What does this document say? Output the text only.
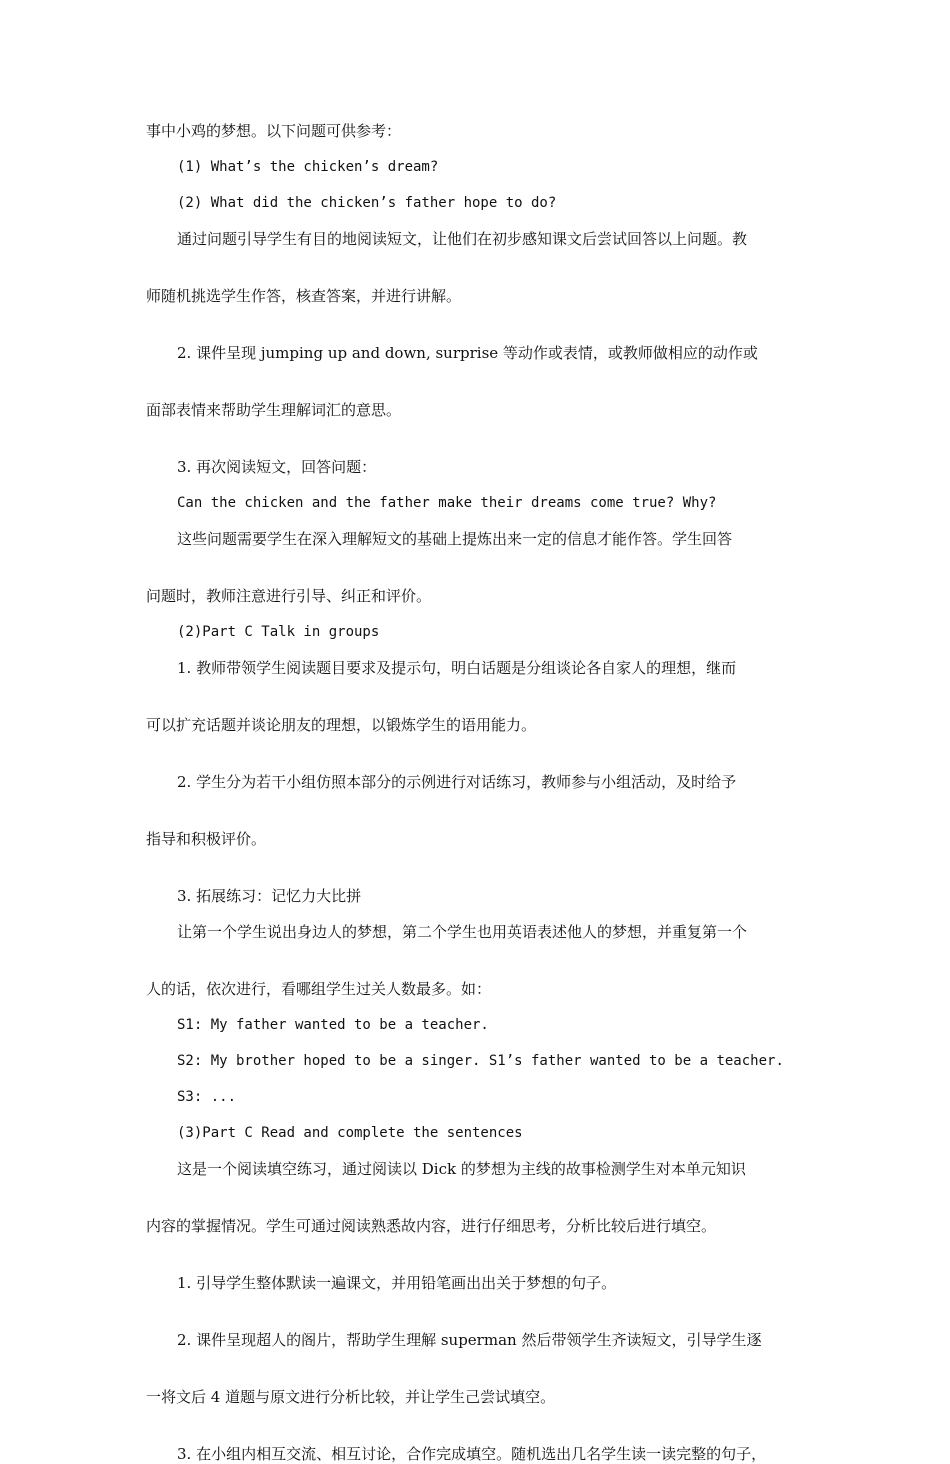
事中小鸡的梦想。以下问题可供参考：
(1) What’s the chicken’s dream?
(2) What did the chicken’s father hope to do?
通过问题引导学生有目的地阅读短文，让他们在初步感知课文后尝试回答以上问题。教
师随机挑选学生作答，核查答案，并进行讲解。
2. 课件呈现 jumping up and down, surprise 等动作或表情，或教师做相应的动作或
面部表情来帮助学生理解词汇的意思。
3. 再次阅读短文，回答问题：
Can the chicken and the father make their dreams come true? Why?
这些问题需要学生在深入理解短文的基础上提炼出来一定的信息才能作答。学生回答
问题时，教师注意进行引导、纠正和评价。
(2)Part C Talk in groups
1. 教师带领学生阅读题目要求及提示句，明白话题是分组谈论各自家人的理想，继而
可以扩充话题并谈论朋友的理想，以锻炼学生的语用能力。
2. 学生分为若干小组仿照本部分的示例进行对话练习，教师参与小组活动，及时给予
指导和积极评价。
3. 拓展练习：记忆力大比拼
让第一个学生说出身边人的梦想，第二个学生也用英语表述他人的梦想，并重复第一个
人的话，依次进行，看哪组学生过关人数最多。如：
S1: My father wanted to be a teacher.
S2: My brother hoped to be a singer. S1’s father wanted to be a teacher.
S3: ...
(3)Part C Read and complete the sentences
这是一个阅读填空练习，通过阅读以 Dick 的梦想为主线的故事检测学生对本单元知识
内容的掌握情况。学生可通过阅读熟悉故内容，进行仔细思考，分析比较后进行填空。
1. 引导学生整体默读一遍课文，并用铅笔画出出关于梦想的句子。
2. 课件呈现超人的阁片，帮助学生理解 superman 然后带领学生齐读短文，引导学生逐
一将文后 4 道题与原文进行分析比较，并让学生己尝试填空。
3. 在小组内相互交流、相互讨论，合作完成填空。随机选出几名学生读一读完整的句子，
